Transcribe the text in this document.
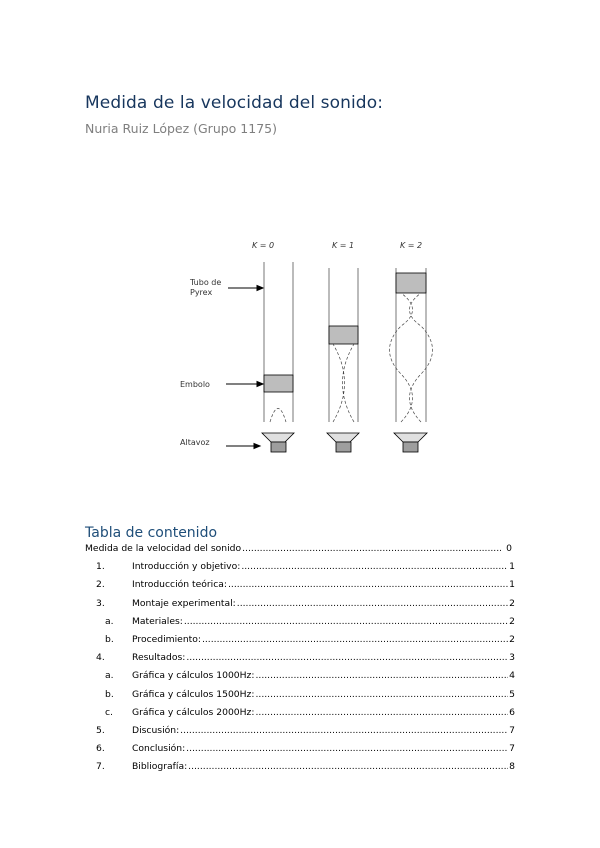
Medida de la velocidad del sonido:
Nuria Ruiz López (Grupo 1175)
K = 0	K = 1	K = 2
Tubo de
Pyrex
Embolo
Altavoz
Tabla de contenido
Medida de la velocidad del sonido .....	0
1.	Introducción y objetivo: .....	1
2.	Introducción teórica: .....	1
3.	Montaje experimental: .....	2
a.	Materiales: .....	2
b.	Procedimiento: .....	2
4.	Resultados: .....	3
a.	Gráfica y cálculos 1000Hz: .....	4
b.	Gráfica y cálculos 1500Hz: .....	5
c.	Gráfica y cálculos 2000Hz: .....	6
5.	Discusión: .....	7
6.	Conclusión: .....	7
7.	Bibliografía: .....	8
